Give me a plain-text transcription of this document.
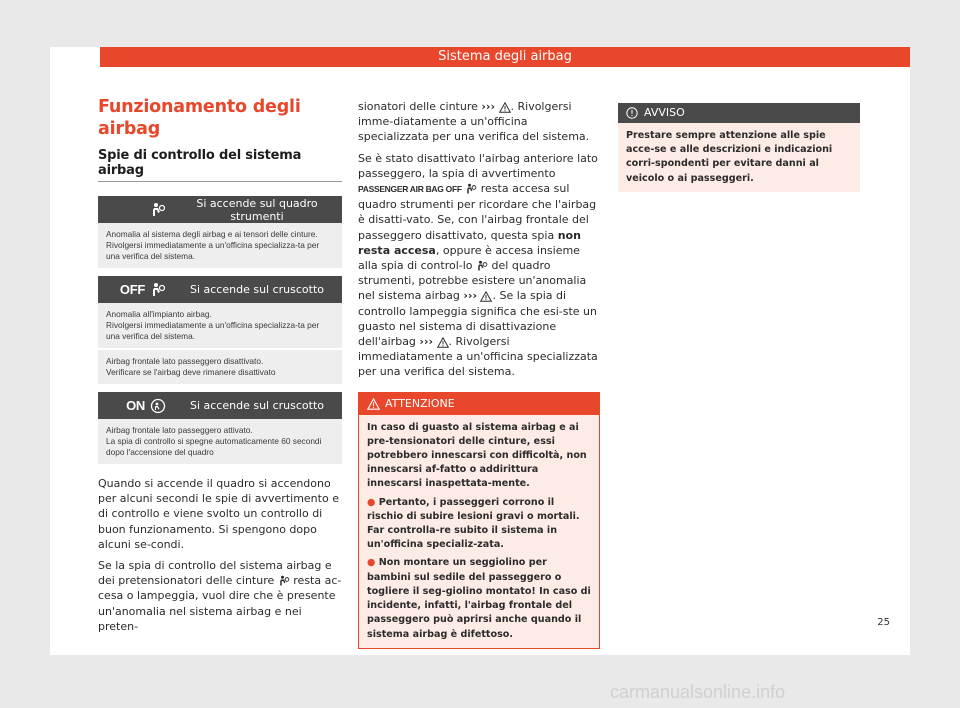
Sistema degli airbag
Funzionamento degli airbag
Spie di controllo del sistema airbag
Si accende sul quadro strumenti
Anomalia al sistema degli airbag e ai tensori delle cinture.
Rivolgersi immediatamente a un'officina specializza-ta per una verifica del sistema.
OFF	Si accende sul cruscotto
Anomalia all'impianto airbag.
Rivolgersi immediatamente a un'officina specializza-ta per una verifica del sistema.
Airbag frontale lato passeggero disattivato.
Verificare se l'airbag deve rimanere disattivato
ON	Si accende sul cruscotto
Airbag frontale lato passeggero attivato.
La spia di controllo si spegne automaticamente 60 secondi dopo l'accensione del quadro

Quando si accende il quadro si accendono per alcuni secondi le spie di avvertimento e di controllo e viene svolto un controllo di buon funzionamento. Si spengono dopo alcuni se-condi.

Se la spia di controllo del sistema airbag e dei pretensionatori delle cinture resta ac-cesa o lampeggia, vuol dire che è presente un'anomalia nel sistema airbag e nei preten-

sionatori delle cinture ››› . Rivolgersi imme-diatamente a un'officina specializzata per una verifica del sistema.

Se è stato disattivato l'airbag anteriore lato passeggero, la spia di avvertimento PASSENGER AIR BAG OFF resta accesa sul quadro strumenti per ricordare che l'airbag è disatti-vato. Se, con l'airbag frontale del passeggero disattivato, questa spia non resta accesa, oppure è accesa insieme alla spia di control-lo del quadro strumenti, potrebbe esistere un'anomalia nel sistema airbag ››› . Se la spia di controllo lampeggia significa che esi-ste un guasto nel sistema di disattivazione dell'airbag ››› . Rivolgersi immediatamente a un'officina specializzata per una verifica del sistema.

ATTENZIONE

In caso di guasto al sistema airbag e ai pre-tensionatori delle cinture, essi potrebbero innescarsi con difficoltà, non innescarsi af-fatto o addirittura innescarsi inaspettata-mente.

● Pertanto, i passeggeri corrono il rischio di subire lesioni gravi o mortali. Far controlla-re subito il sistema in un'officina specializ-zata.

● Non montare un seggiolino per bambini sul sedile del passeggero o togliere il seg-giolino montato! In caso di incidente, infatti, l'airbag frontale del passeggero può aprirsi anche quando il sistema airbag è difettoso.

AVVISO
Prestare sempre attenzione alle spie acce-se e alle descrizioni e indicazioni corri-spondenti per evitare danni al veicolo o ai passeggeri.
25
carmanualsonline.info
